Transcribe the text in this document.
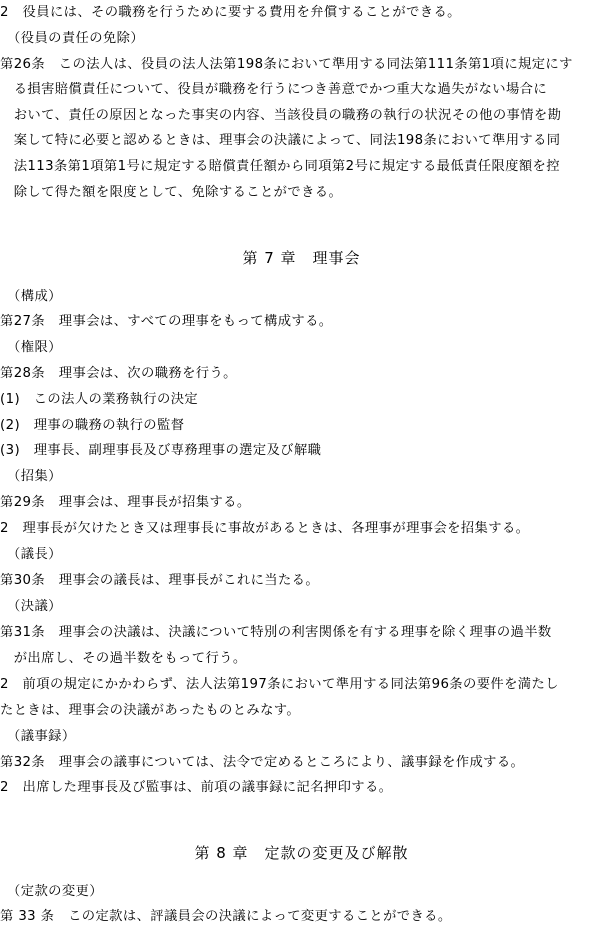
2　役員には、その職務を行うために要する費用を弁償することができる。
　（役員の責任の免除）
第26条　この法人は、役員の法人法第198条において準用する同法第111条第1項に規定にす
　る損害賠償責任について、役員が職務を行うにつき善意でかつ重大な過失がない場合に
　おいて、責任の原因となった事実の内容、当該役員の職務の執行の状況その他の事情を勘
　案して特に必要と認めるときは、理事会の決議によって、同法198条において準用する同
　法113条第1項第1号に規定する賠償責任額から同項第2号に規定する最低責任限度額を控
　除して得た額を限度として、免除することができる。
第 7 章　理事会
　（構成）
第27条　理事会は、すべての理事をもって構成する。
　（権限）
第28条　理事会は、次の職務を行う。
(1)　この法人の業務執行の決定
(2)　理事の職務の執行の監督
(3)　理事長、副理事長及び専務理事の選定及び解職
　（招集）
第29条　理事会は、理事長が招集する。
2　理事長が欠けたとき又は理事長に事故があるときは、各理事が理事会を招集する。
　（議長）
第30条　理事会の議長は、理事長がこれに当たる。
　（決議）
第31条　理事会の決議は、決議について特別の利害関係を有する理事を除く理事の過半数
　が出席し、その過半数をもって行う。
2　前項の規定にかかわらず、法人法第197条において準用する同法第96条の要件を満たし
たときは、理事会の決議があったものとみなす。
　（議事録）
第32条　理事会の議事については、法令で定めるところにより、議事録を作成する。
2　出席した理事長及び監事は、前項の議事録に記名押印する。
第 8 章　定款の変更及び解散
　（定款の変更）
第 33 条　この定款は、評議員会の決議によって変更することができる。
